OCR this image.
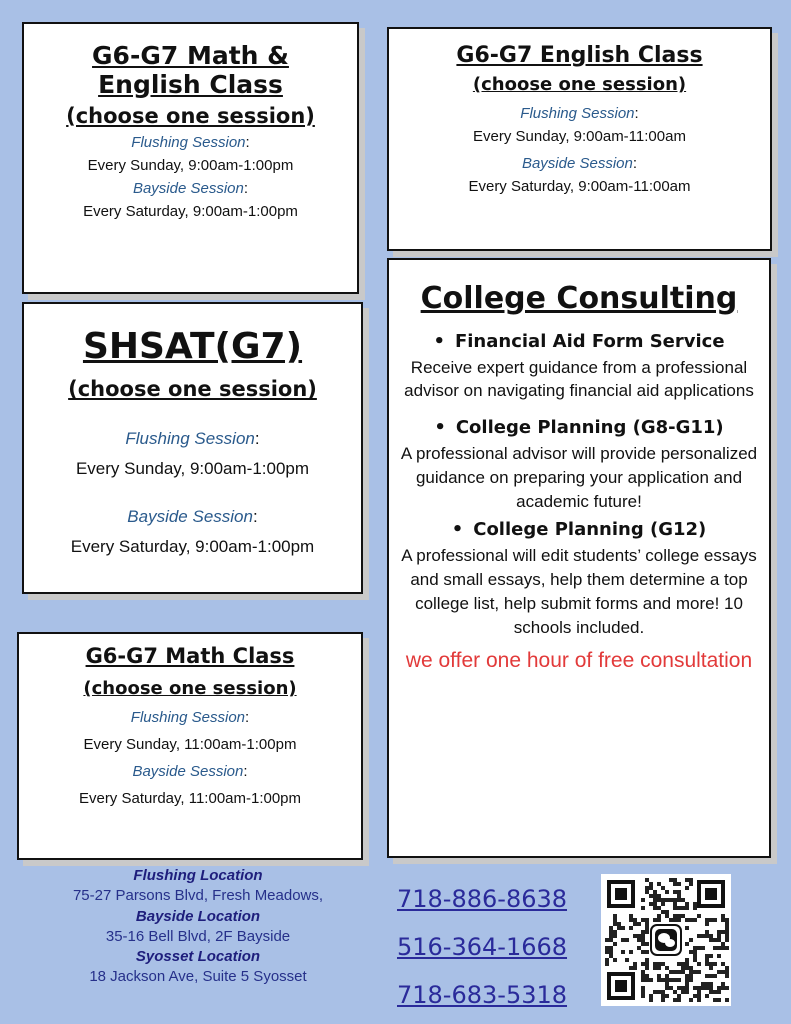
G6-G7 Math &
English Class
(choose one session)
Flushing Session:
Every Sunday, 9:00am-1:00pm
Bayside Session:
Every Saturday, 9:00am-1:00pm
G6-G7 English Class
(choose one session)
Flushing Session:
Every Sunday, 9:00am-11:00am
Bayside Session:
Every Saturday, 9:00am-11:00am
SHSAT(G7)
(choose one session)
Flushing Session:
Every Sunday, 9:00am-1:00pm
Bayside Session:
Every Saturday, 9:00am-1:00pm
G6-G7 Math Class
(choose one session)
Flushing Session:
Every Sunday, 11:00am-1:00pm
Bayside Session:
Every Saturday, 11:00am-1:00pm
College Consulting
• Financial Aid Form Service
Receive expert guidance from a professional advisor on navigating financial aid applications
• College Planning (G8-G11)
A professional advisor will provide personalized guidance on preparing your application and academic future!
• College Planning (G12)
A professional will edit students’ college essays and small essays, help them determine a top college list, help submit forms and more! 10 schools included.
we offer one hour of free consultation
Flushing Location
75-27 Parsons Blvd, Fresh Meadows,
Bayside Location
35-16 Bell Blvd, 2F Bayside
Syosset Location
18 Jackson Ave, Suite 5 Syosset
718-886-8638
516-364-1668
718-683-5318
